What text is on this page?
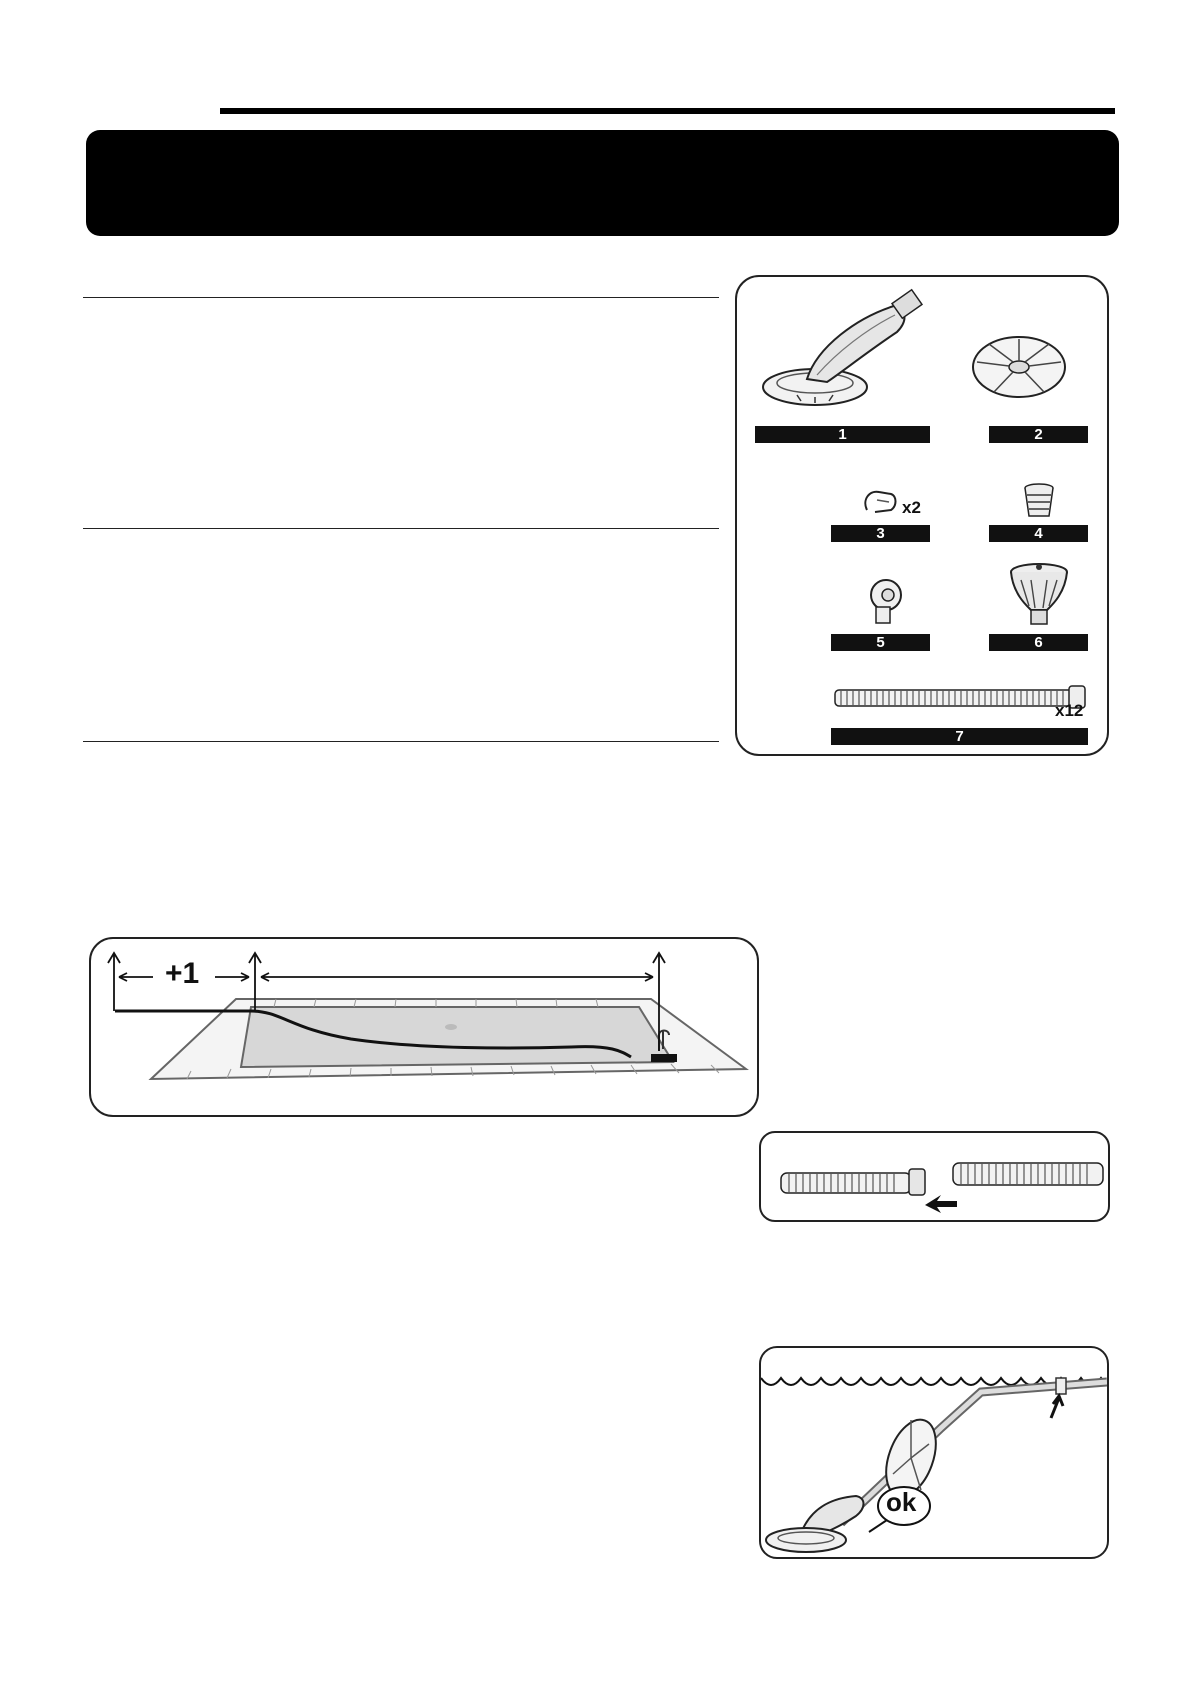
1	2
x2
3	4
5	6
x12
7
+1
ok
